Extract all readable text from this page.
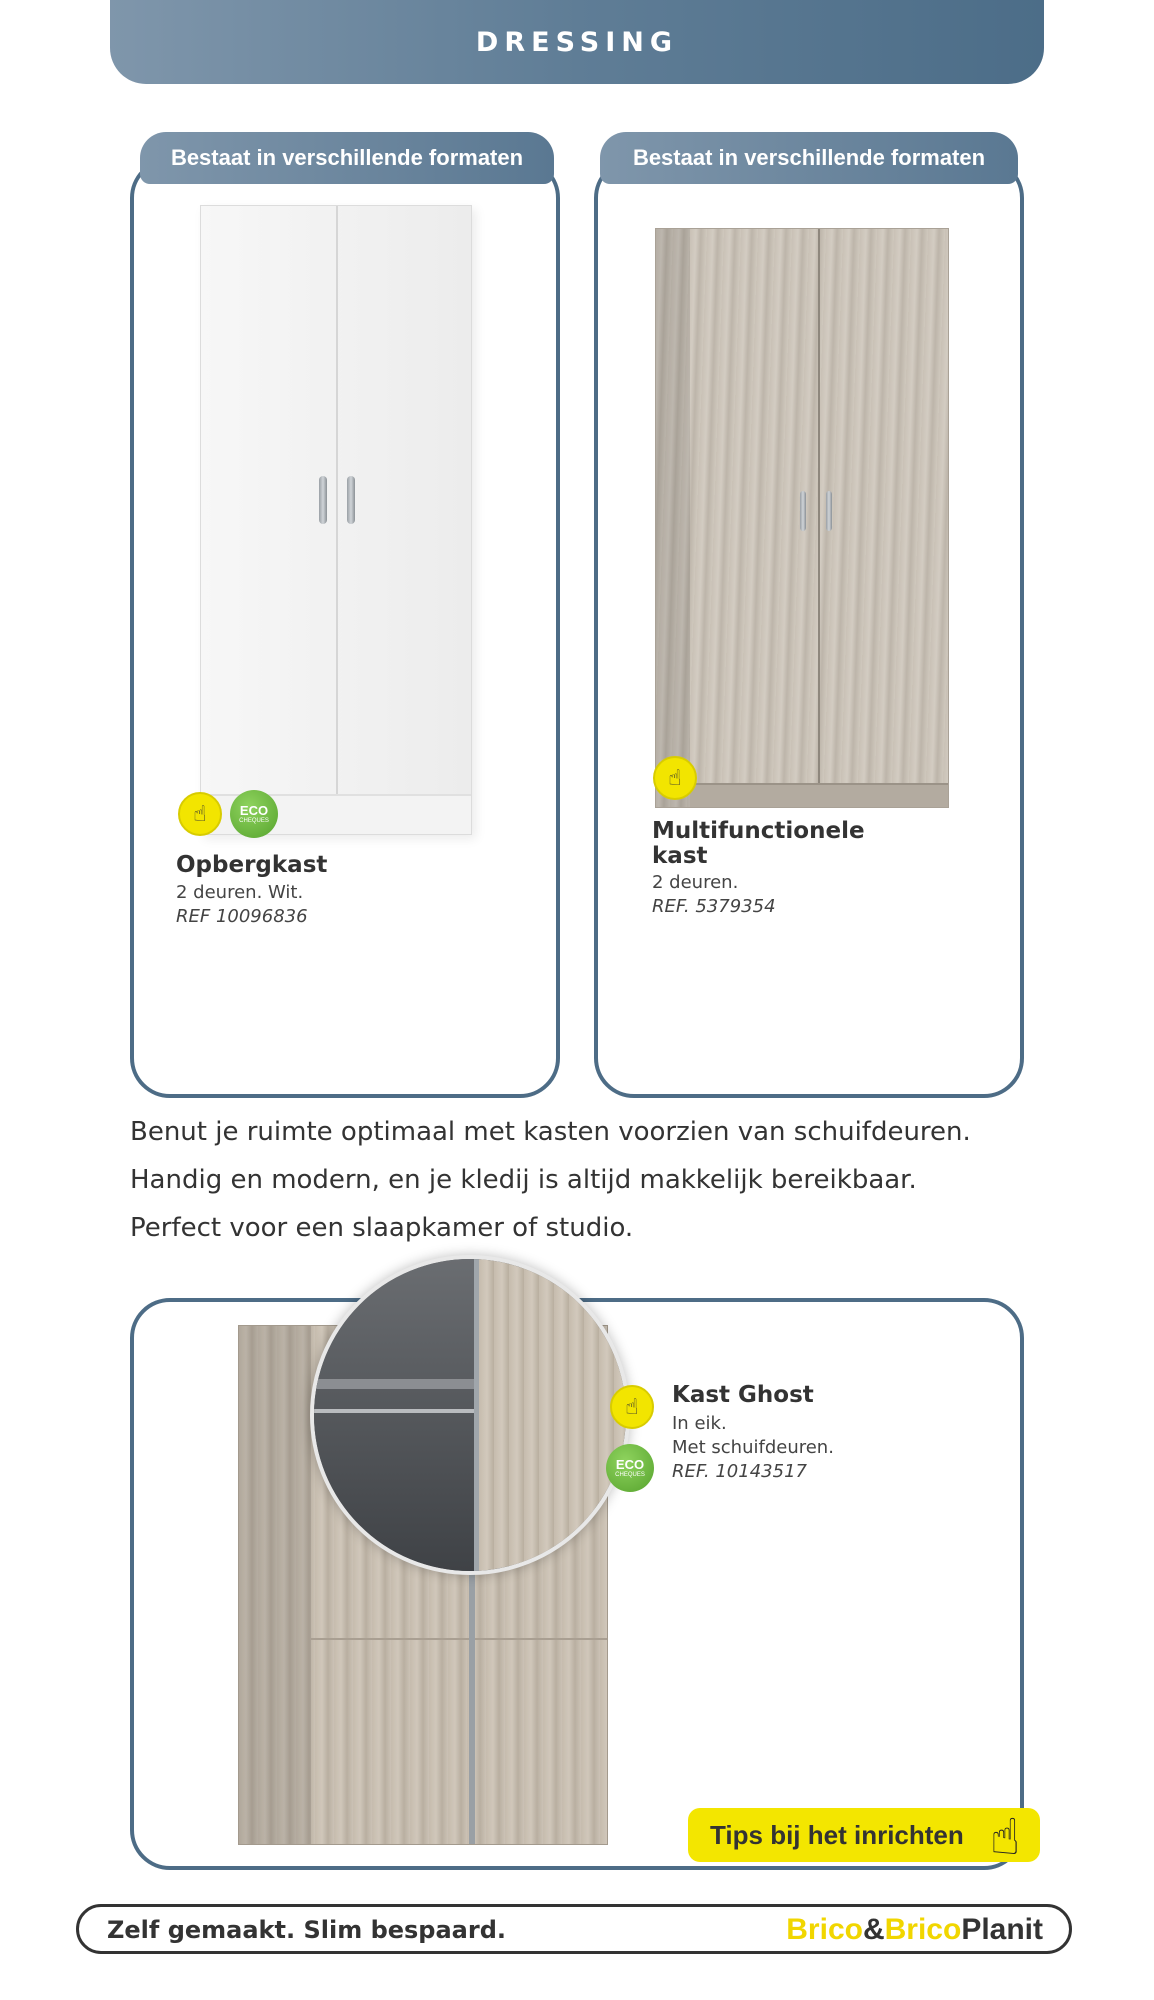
DRESSING
Bestaat in verschillende formaten	Bestaat in verschillende formaten
☝	ECO
CHEQUES
Opbergkast
2 deuren. Wit.
REF 10096836
☝
Multifunctionele
kast
2 deuren.
REF. 5379354
Benut je ruimte optimaal met kasten voorzien van schuifdeuren.
Handig en modern, en je kledij is altijd makkelijk bereikbaar.
Perfect voor een slaapkamer of studio.
☝
ECO
CHEQUES
Kast Ghost
In eik.
Met schuifdeuren.
REF. 10143517
Tips bij het inrichten ☝
Zelf gemaakt. Slim bespaard.	Brico&BricoPlanit
